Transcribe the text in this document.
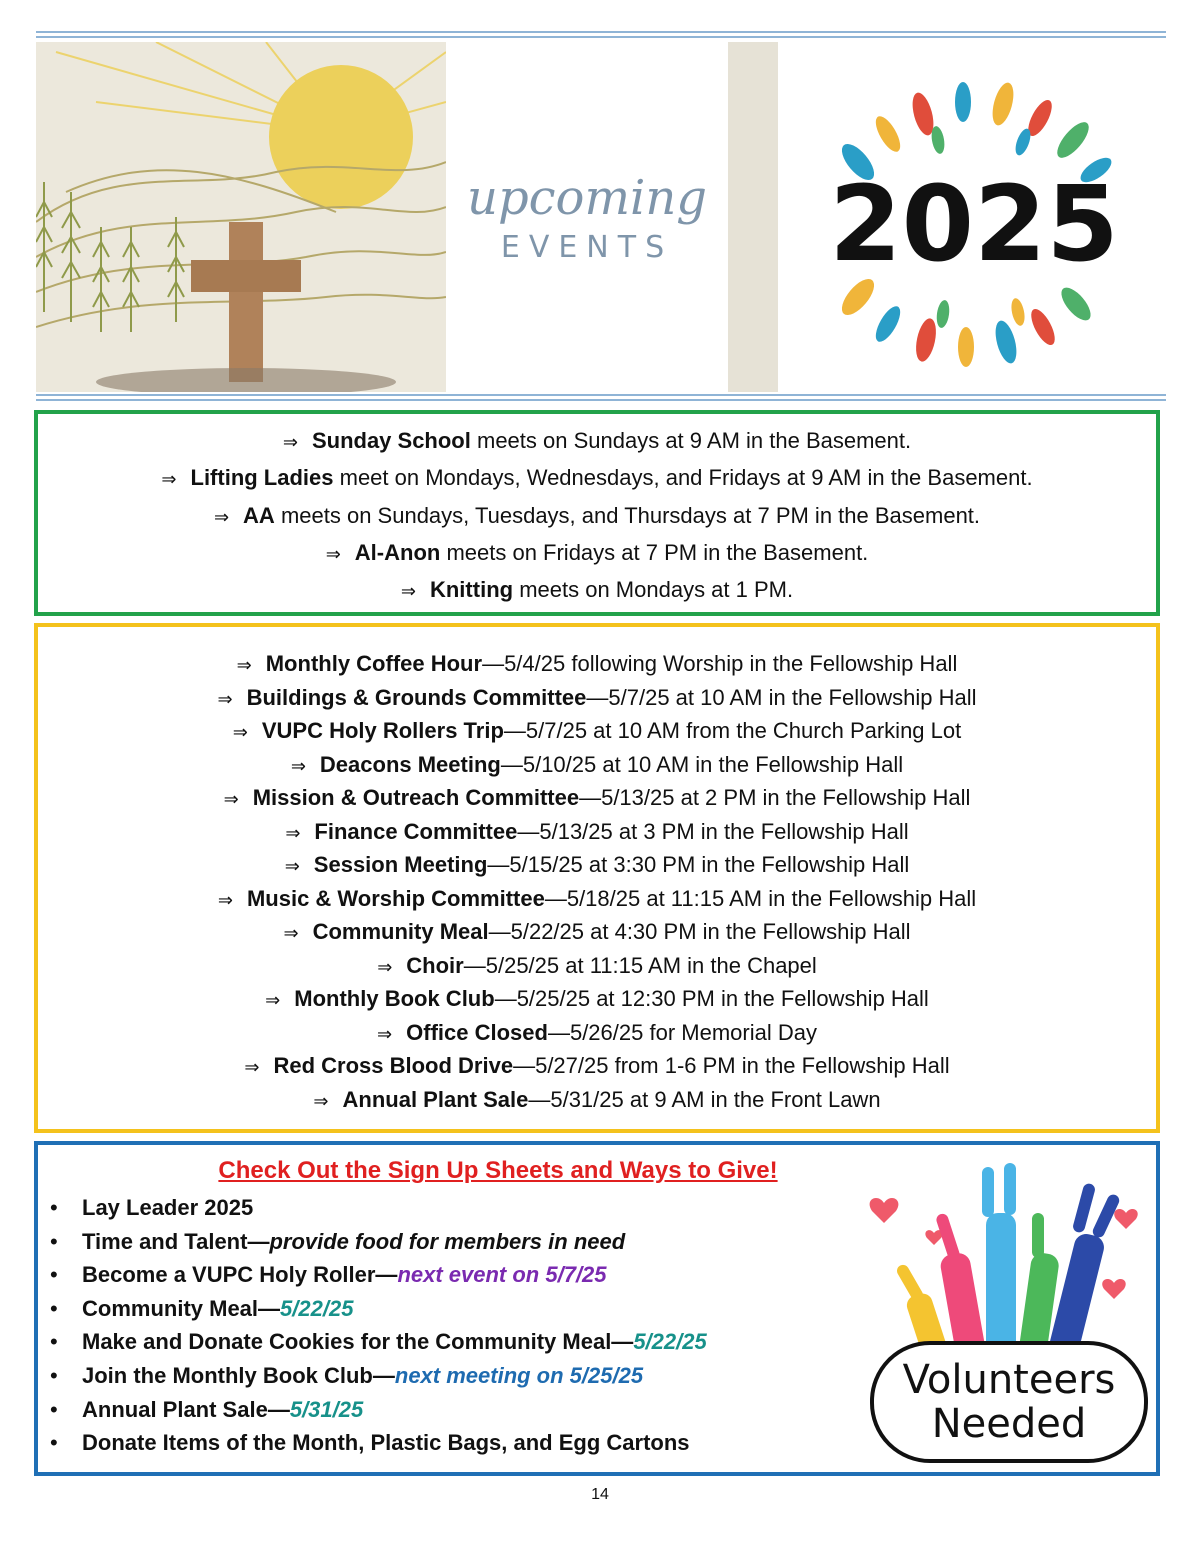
upcoming
EVENTS	2025
⇒ Sunday School meets on Sundays at 9 AM in the Basement.
⇒ Lifting Ladies meet on Mondays, Wednesdays, and Fridays at 9 AM in the Basement.
⇒ AA meets on Sundays, Tuesdays, and Thursdays at 7 PM in the Basement.
⇒ Al-Anon meets on Fridays at 7 PM in the Basement.
⇒ Knitting meets on Mondays at 1 PM.
⇒ Monthly Coffee Hour—5/4/25 following Worship in the Fellowship Hall
⇒ Buildings & Grounds Committee—5/7/25 at 10 AM in the Fellowship Hall
⇒ VUPC Holy Rollers Trip—5/7/25 at 10 AM from the Church Parking Lot
⇒ Deacons Meeting—5/10/25 at 10 AM in the Fellowship Hall
⇒ Mission & Outreach Committee—5/13/25 at 2 PM in the Fellowship Hall
⇒ Finance Committee—5/13/25 at 3 PM in the Fellowship Hall
⇒ Session Meeting—5/15/25 at 3:30 PM in the Fellowship Hall
⇒ Music & Worship Committee—5/18/25 at 11:15 AM in the Fellowship Hall
⇒ Community Meal—5/22/25 at 4:30 PM in the Fellowship Hall
⇒ Choir—5/25/25 at 11:15 AM in the Chapel
⇒ Monthly Book Club—5/25/25 at 12:30 PM in the Fellowship Hall
⇒ Office Closed—5/26/25 for Memorial Day
⇒ Red Cross Blood Drive—5/27/25 from 1-6 PM in the Fellowship Hall
⇒ Annual Plant Sale—5/31/25 at 9 AM in the Front Lawn
Check Out the Sign Up Sheets and Ways to Give!
• Lay Leader 2025
• Time and Talent—provide food for members in need
• Become a VUPC Holy Roller—next event on 5/7/25
• Community Meal—5/22/25
• Make and Donate Cookies for the Community Meal—5/22/25
• Join the Monthly Book Club—next meeting on 5/25/25
• Annual Plant Sale—5/31/25
• Donate Items of the Month, Plastic Bags, and Egg Cartons
Volunteers
Needed
14
